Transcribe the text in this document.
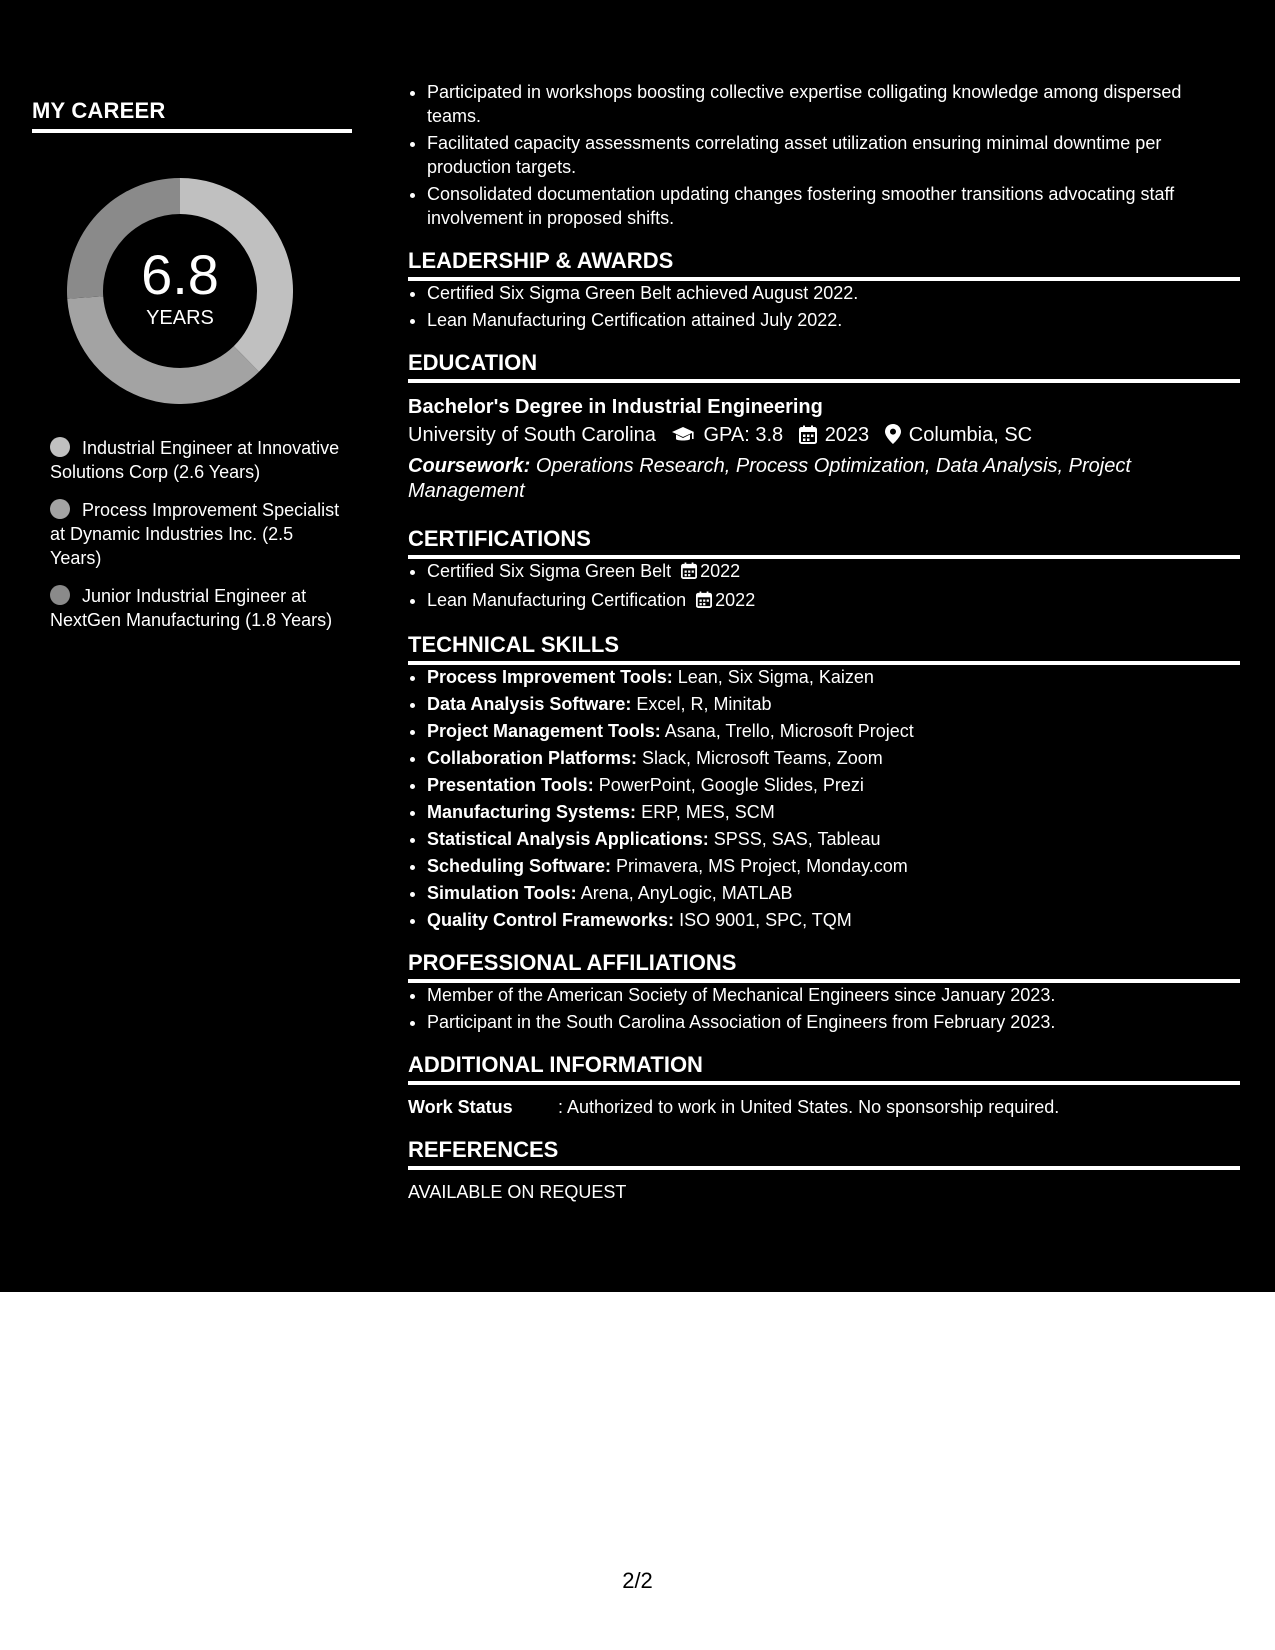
MY CAREER
6.8
YEARS
Industrial Engineer at Innovative Solutions Corp (2.6 Years)
Process Improvement Specialist at Dynamic Industries Inc. (2.5 Years)
Junior Industrial Engineer at NextGen Manufacturing (1.8 Years)
• Participated in workshops boosting collective expertise colligating knowledge among dispersed teams.
• Facilitated capacity assessments correlating asset utilization ensuring minimal downtime per production targets.
• Consolidated documentation updating changes fostering smoother transitions advocating staff involvement in proposed shifts.
LEADERSHIP & AWARDS
• Certified Six Sigma Green Belt achieved August 2022.
• Lean Manufacturing Certification attained July 2022.
EDUCATION
Bachelor's Degree in Industrial Engineering
University of South Carolina GPA: 3.8 2023 Columbia, SC
Coursework: Operations Research, Process Optimization, Data Analysis, Project Management
CERTIFICATIONS
• Certified Six Sigma Green Belt 2022
• Lean Manufacturing Certification 2022
TECHNICAL SKILLS
• Process Improvement Tools: Lean, Six Sigma, Kaizen
• Data Analysis Software: Excel, R, Minitab
• Project Management Tools: Asana, Trello, Microsoft Project
• Collaboration Platforms: Slack, Microsoft Teams, Zoom
• Presentation Tools: PowerPoint, Google Slides, Prezi
• Manufacturing Systems: ERP, MES, SCM
• Statistical Analysis Applications: SPSS, SAS, Tableau
• Scheduling Software: Primavera, MS Project, Monday.com
• Simulation Tools: Arena, AnyLogic, MATLAB
• Quality Control Frameworks: ISO 9001, SPC, TQM
PROFESSIONAL AFFILIATIONS
• Member of the American Society of Mechanical Engineers since January 2023.
• Participant in the South Carolina Association of Engineers from February 2023.
ADDITIONAL INFORMATION
Work Status	: Authorized to work in United States. No sponsorship required.
REFERENCES
AVAILABLE ON REQUEST
2/2
